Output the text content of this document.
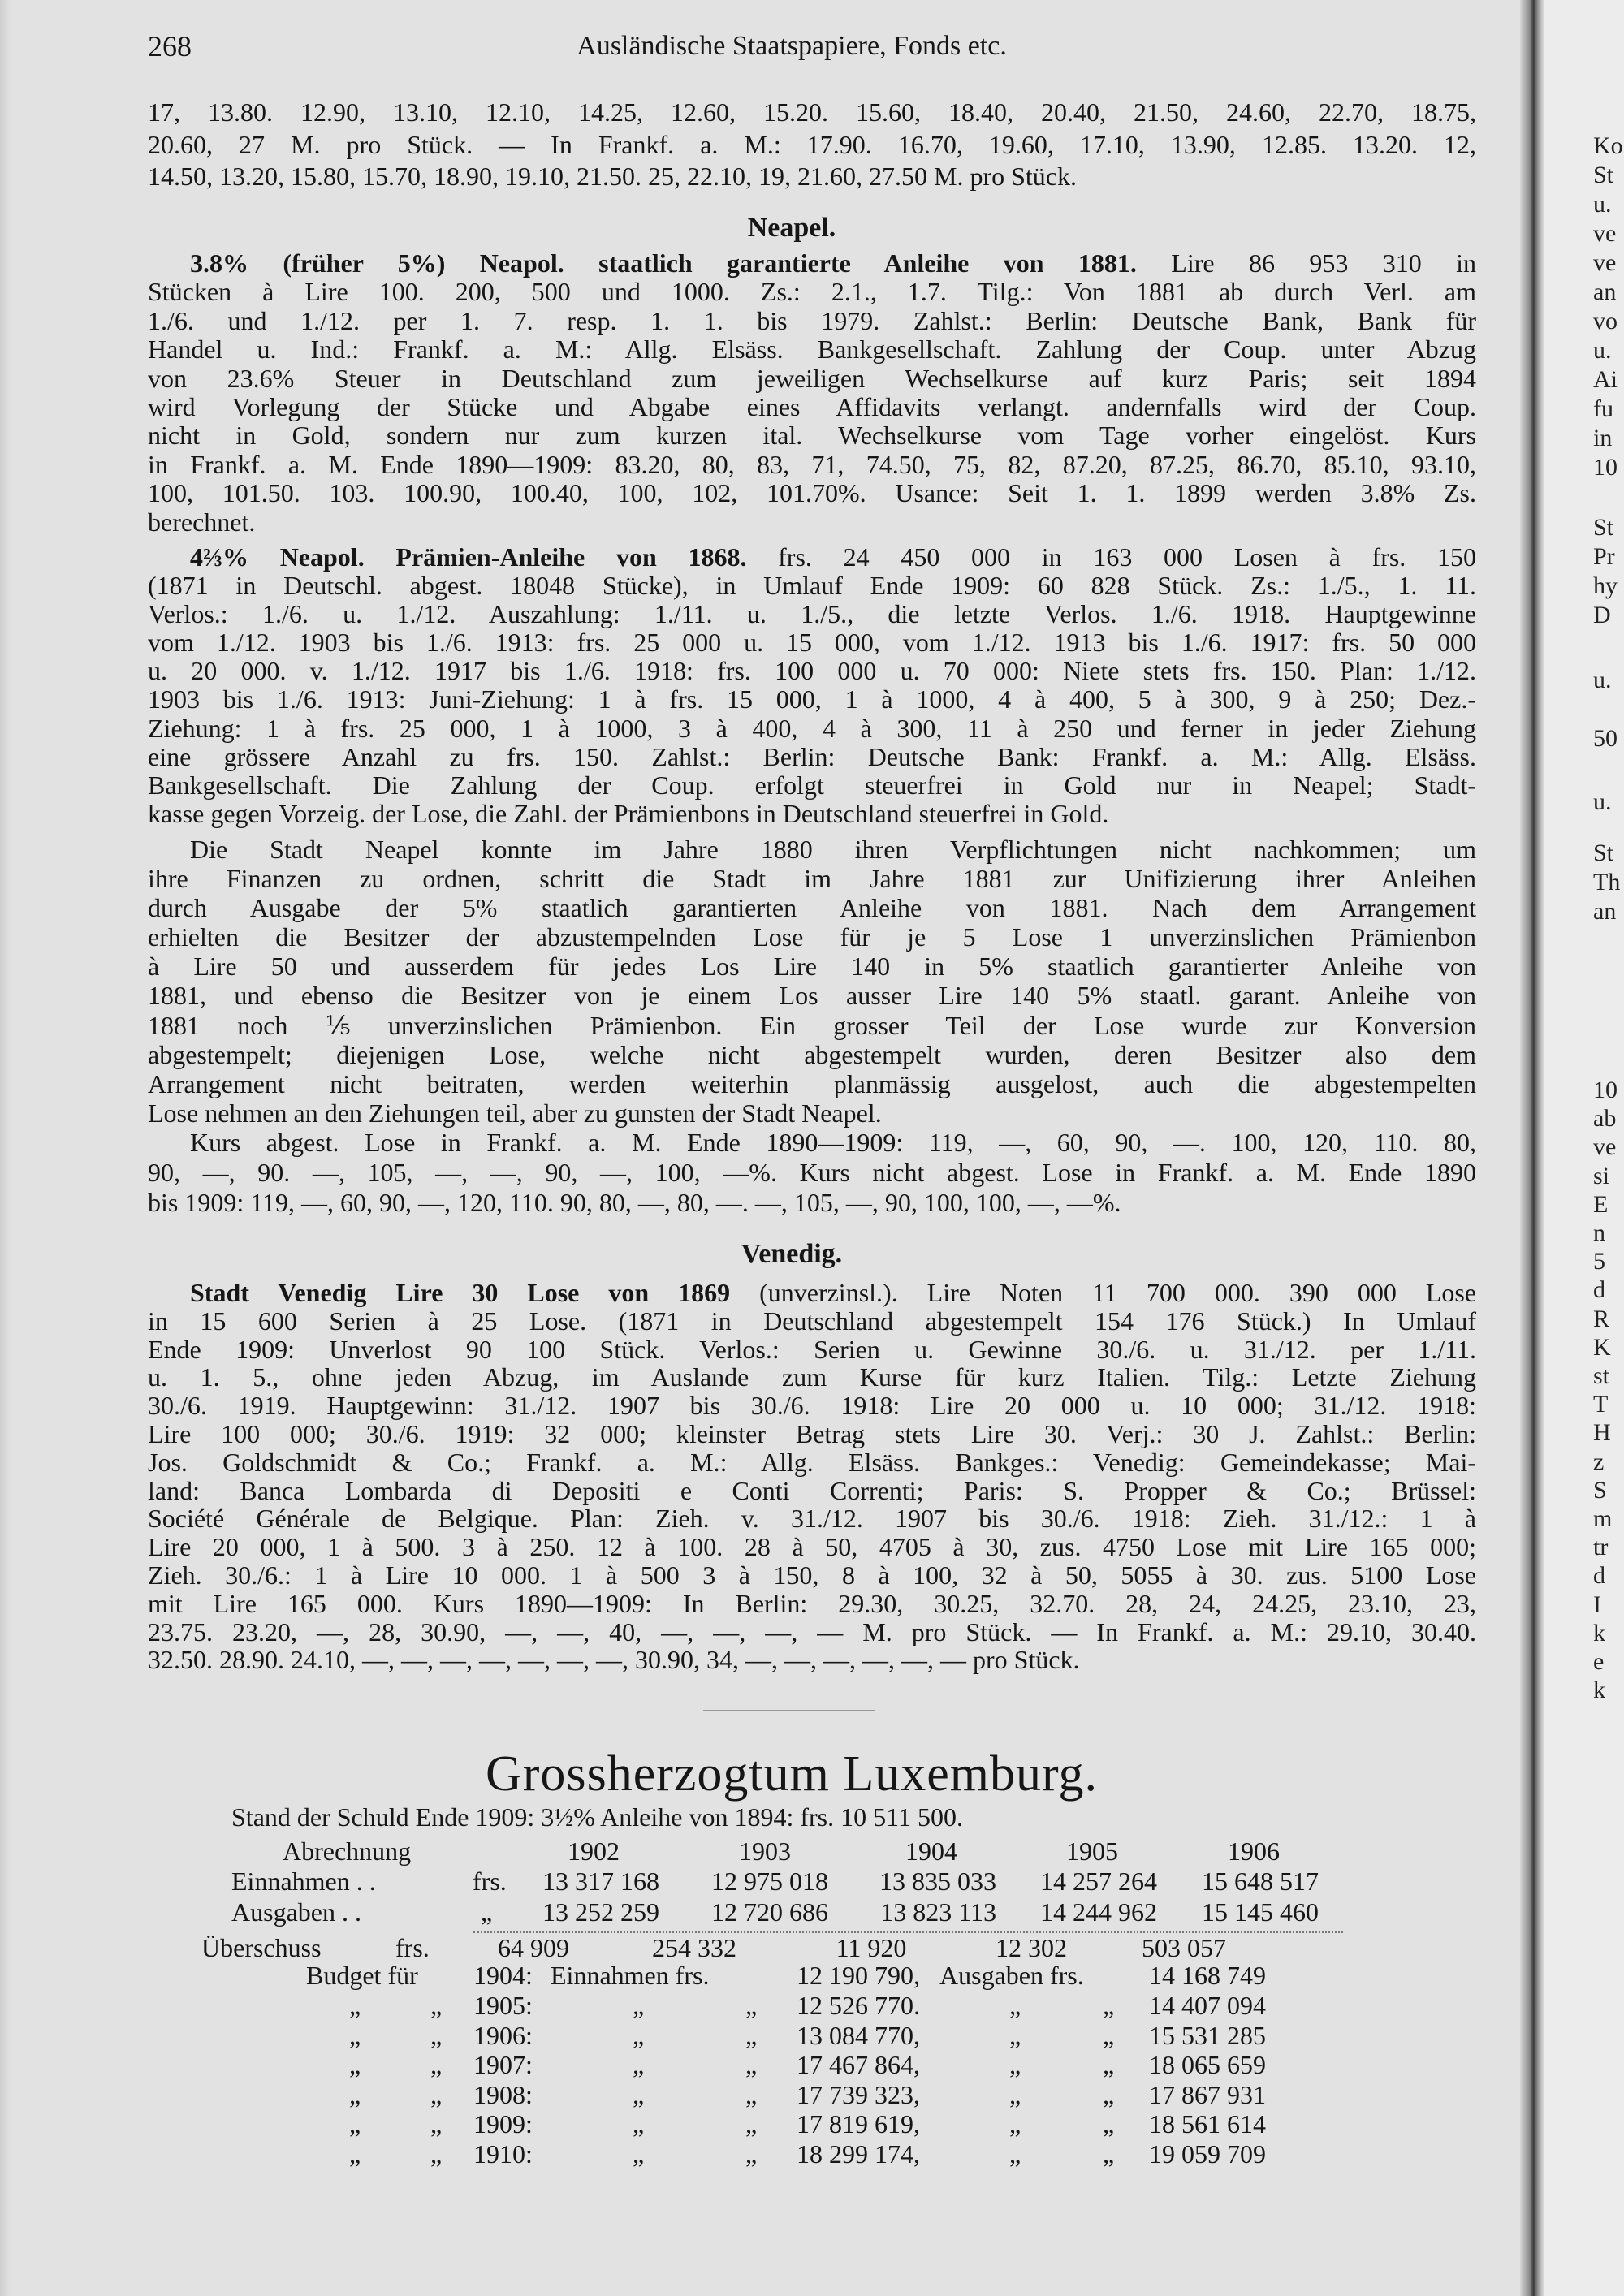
268	Ausländische Staatspapiere, Fonds etc.
17, 13.80. 12.90, 13.10, 12.10, 14.25, 12.60, 15.20. 15.60, 18.40, 20.40, 21.50, 24.60, 22.70, 18.75,
20.60, 27 M. pro Stück. — In Frankf. a. M.: 17.90. 16.70, 19.60, 17.10, 13.90, 12.85. 13.20. 12,
14.50, 13.20, 15.80, 15.70, 18.90, 19.10, 21.50. 25, 22.10, 19, 21.60, 27.50 M. pro Stück.
Neapel.
3.8% (früher 5%) Neapol. staatlich garantierte Anleihe von 1881. Lire 86 953 310 in
Stücken à Lire 100. 200, 500 und 1000. Zs.: 2.1., 1.7. Tilg.: Von 1881 ab durch Verl. am
1./6. und 1./12. per 1. 7. resp. 1. 1. bis 1979. Zahlst.: Berlin: Deutsche Bank, Bank für
Handel u. Ind.: Frankf. a. M.: Allg. Elsäss. Bankgesellschaft. Zahlung der Coup. unter Abzug
von 23.6% Steuer in Deutschland zum jeweiligen Wechselkurse auf kurz Paris; seit 1894
wird Vorlegung der Stücke und Abgabe eines Affidavits verlangt. andernfalls wird der Coup.
nicht in Gold, sondern nur zum kurzen ital. Wechselkurse vom Tage vorher eingelöst. Kurs
in Frankf. a. M. Ende 1890—1909: 83.20, 80, 83, 71, 74.50, 75, 82, 87.20, 87.25, 86.70, 85.10, 93.10,
100, 101.50. 103. 100.90, 100.40, 100, 102, 101.70%. Usance: Seit 1. 1. 1899 werden 3.8% Zs.
berechnet.
4⅔% Neapol. Prämien-Anleihe von 1868. frs. 24 450 000 in 163 000 Losen à frs. 150
(1871 in Deutschl. abgest. 18048 Stücke), in Umlauf Ende 1909: 60 828 Stück. Zs.: 1./5., 1. 11.
Verlos.: 1./6. u. 1./12. Auszahlung: 1./11. u. 1./5., die letzte Verlos. 1./6. 1918. Hauptgewinne
vom 1./12. 1903 bis 1./6. 1913: frs. 25 000 u. 15 000, vom 1./12. 1913 bis 1./6. 1917: frs. 50 000
u. 20 000. v. 1./12. 1917 bis 1./6. 1918: frs. 100 000 u. 70 000: Niete stets frs. 150. Plan: 1./12.
1903 bis 1./6. 1913: Juni-Ziehung: 1 à frs. 15 000, 1 à 1000, 4 à 400, 5 à 300, 9 à 250; Dez.-
Ziehung: 1 à frs. 25 000, 1 à 1000, 3 à 400, 4 à 300, 11 à 250 und ferner in jeder Ziehung
eine grössere Anzahl zu frs. 150. Zahlst.: Berlin: Deutsche Bank: Frankf. a. M.: Allg. Elsäss.
Bankgesellschaft. Die Zahlung der Coup. erfolgt steuerfrei in Gold nur in Neapel; Stadt-
kasse gegen Vorzeig. der Lose, die Zahl. der Prämienbons in Deutschland steuerfrei in Gold.
Die Stadt Neapel konnte im Jahre 1880 ihren Verpflichtungen nicht nachkommen; um
ihre Finanzen zu ordnen, schritt die Stadt im Jahre 1881 zur Unifizierung ihrer Anleihen
durch Ausgabe der 5% staatlich garantierten Anleihe von 1881. Nach dem Arrangement
erhielten die Besitzer der abzustempelnden Lose für je 5 Lose 1 unverzinslichen Prämienbon
à Lire 50 und ausserdem für jedes Los Lire 140 in 5% staatlich garantierter Anleihe von
1881, und ebenso die Besitzer von je einem Los ausser Lire 140 5% staatl. garant. Anleihe von
1881 noch ⅕ unverzinslichen Prämienbon. Ein grosser Teil der Lose wurde zur Konversion
abgestempelt; diejenigen Lose, welche nicht abgestempelt wurden, deren Besitzer also dem
Arrangement nicht beitraten, werden weiterhin planmässig ausgelost, auch die abgestempelten
Lose nehmen an den Ziehungen teil, aber zu gunsten der Stadt Neapel.
Kurs abgest. Lose in Frankf. a. M. Ende 1890—1909: 119, —, 60, 90, —. 100, 120, 110. 80,
90, —, 90. —, 105, —, —, 90, —, 100, —%. Kurs nicht abgest. Lose in Frankf. a. M. Ende 1890
bis 1909: 119, —, 60, 90, —, 120, 110. 90, 80, —, 80, —. —, 105, —, 90, 100, 100, —, —%.
Venedig.
Stadt Venedig Lire 30 Lose von 1869 (unverzinsl.). Lire Noten 11 700 000. 390 000 Lose
in 15 600 Serien à 25 Lose. (1871 in Deutschland abgestempelt 154 176 Stück.) In Umlauf
Ende 1909: Unverlost 90 100 Stück. Verlos.: Serien u. Gewinne 30./6. u. 31./12. per 1./11.
u. 1. 5., ohne jeden Abzug, im Auslande zum Kurse für kurz Italien. Tilg.: Letzte Ziehung
30./6. 1919. Hauptgewinn: 31./12. 1907 bis 30./6. 1918: Lire 20 000 u. 10 000; 31./12. 1918:
Lire 100 000; 30./6. 1919: 32 000; kleinster Betrag stets Lire 30. Verj.: 30 J. Zahlst.: Berlin:
Jos. Goldschmidt & Co.; Frankf. a. M.: Allg. Elsäss. Bankges.: Venedig: Gemeindekasse; Mai-
land: Banca Lombarda di Depositi e Conti Correnti; Paris: S. Propper & Co.; Brüssel:
Société Générale de Belgique. Plan: Zieh. v. 31./12. 1907 bis 30./6. 1918: Zieh. 31./12.: 1 à
Lire 20 000, 1 à 500. 3 à 250. 12 à 100. 28 à 50, 4705 à 30, zus. 4750 Lose mit Lire 165 000;
Zieh. 30./6.: 1 à Lire 10 000. 1 à 500 3 à 150, 8 à 100, 32 à 50, 5055 à 30. zus. 5100 Lose
mit Lire 165 000. Kurs 1890—1909: In Berlin: 29.30, 30.25, 32.70. 28, 24, 24.25, 23.10, 23,
23.75. 23.20, —, 28, 30.90, —, —, 40, —, —, —, — M. pro Stück. — In Frankf. a. M.: 29.10, 30.40.
32.50. 28.90. 24.10, —, —, —, —, —, —, —, 30.90, 34, —, —, —, —, —, — pro Stück.
Grossherzogtum Luxemburg.
Stand der Schuld Ende 1909: 3½% Anleihe von 1894: frs. 10 511 500.
Abrechnung	1902	1903	1904	1905	1906
Einnahmen . .	frs.	13 317 168	12 975 018	13 835 033	14 257 264	15 648 517
Ausgaben . .	„	13 252 259	12 720 686	13 823 113	14 244 962	15 145 460
Überschuss	frs.	64 909	254 332	11 920	12 302	503 057
Budget für 1904: Einnahmen frs.	12 190 790, Ausgaben frs.	14 168 749
„	„ 1905:	„	„	12 526 770.	„	„	14 407 094
„	„ 1906:	„	„	13 084 770,	„	„	15 531 285
„	„ 1907:	„	„	17 467 864,	„	„	18 065 659
„	„ 1908:	„	„	17 739 323,	„	„	17 867 931
„	„ 1909:	„	„	17 819 619,	„	„	18 561 614
„	„ 1910:	„	„	18 299 174,	„	„	19 059 709
Ko
St
u.
ve
ve
an
vo
u.
Ai
fu
in
10
St
Pr
hy
D
u.
50
u.
St
Th
an
10
ab
ve
si
E
n
5
d
R
K
st
T
H
z
S
m
tr
d
I
k
e
k
